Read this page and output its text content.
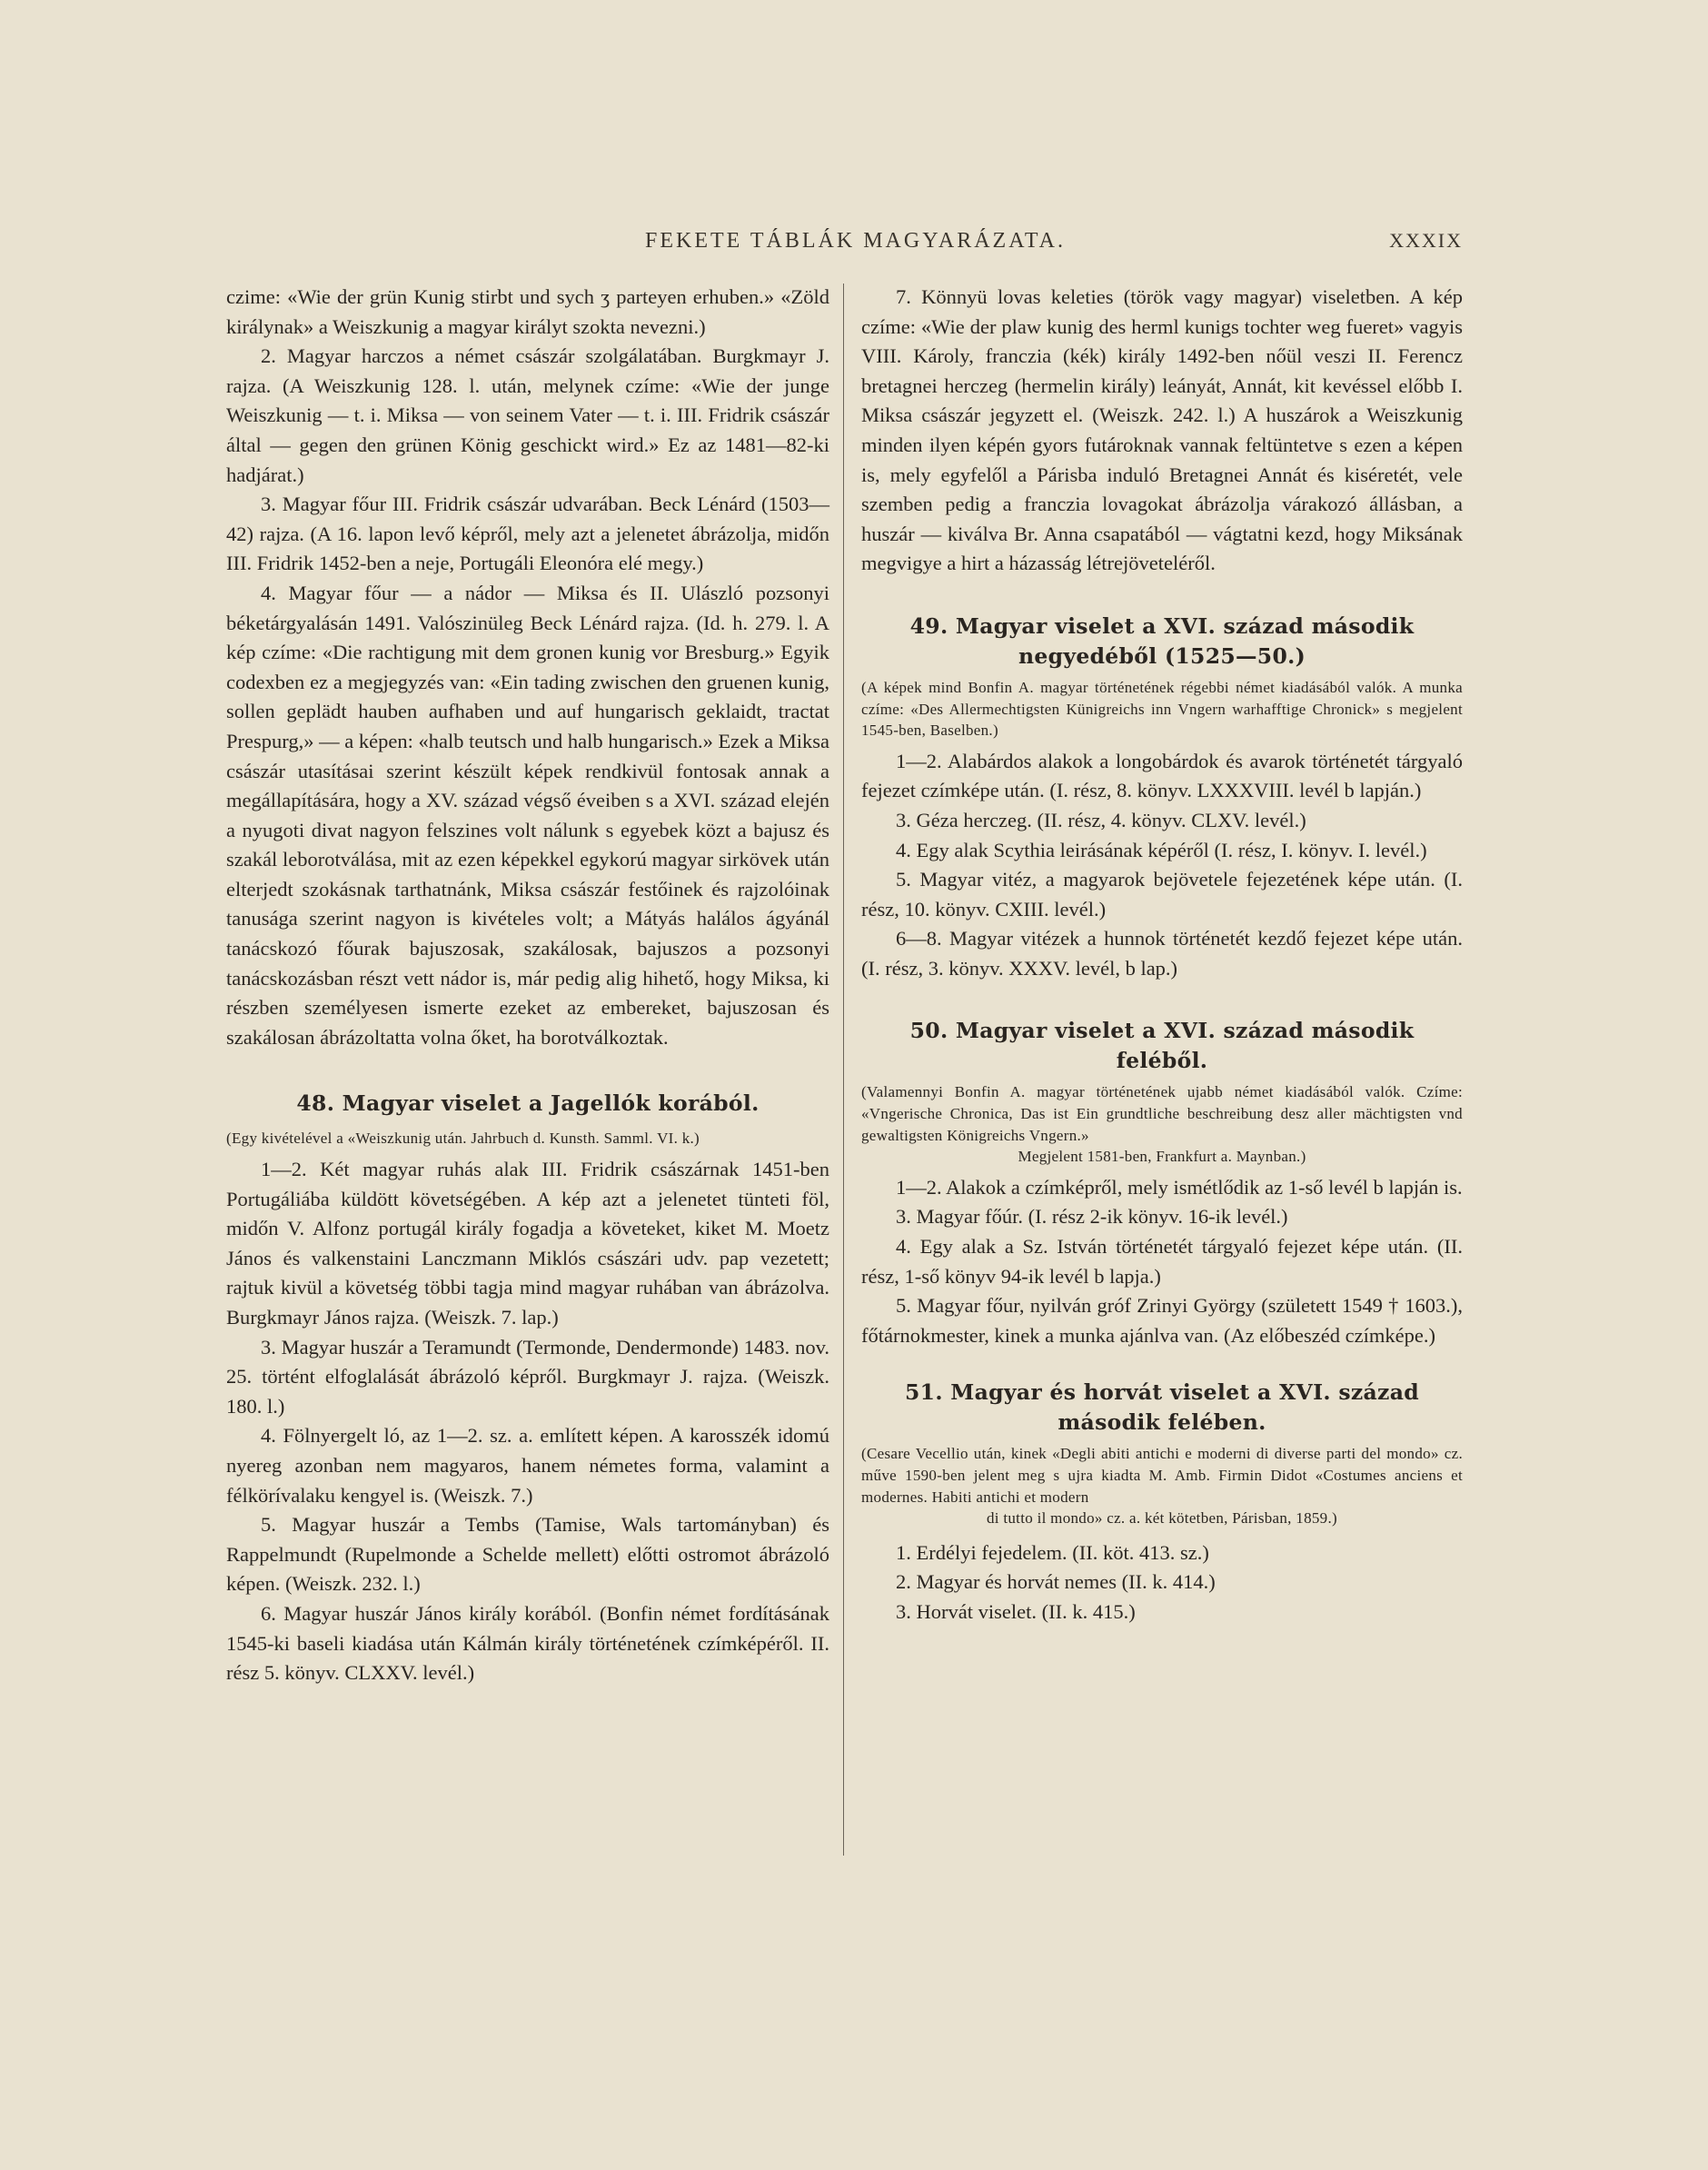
FEKETE TÁBLÁK MAGYARÁZATA.	XXXIX

czime: «Wie der grün Kunig stirbt und sych ʒ parteyen erhuben.» «Zöld királynak» a Weiszkunig a magyar királyt szokta nevezni.)

2. Magyar harczos a német császár szolgálatában. Burgkmayr J. rajza. (A Weiszkunig 128. l. után, melynek czíme: «Wie der junge Weiszkunig — t. i. Miksa — von seinem Vater — t. i. III. Fridrik császár által — gegen den grünen König geschickt wird.» Ez az 1481—82-ki hadjárat.)

3. Magyar főur III. Fridrik császár udvarában. Beck Lénárd (1503—42) rajza. (A 16. lapon levő képről, mely azt a jelenetet ábrázolja, midőn III. Fridrik 1452-ben a neje, Portugáli Eleonóra elé megy.)

4. Magyar főur — a nádor — Miksa és II. Ulászló pozsonyi béketárgyalásán 1491. Valószinüleg Beck Lénárd rajza. (Id. h. 279. l. A kép czíme: «Die rachtigung mit dem gronen kunig vor Bresburg.» Egyik codexben ez a megjegyzés van: «Ein tading zwischen den gruenen kunig, sollen geplädt hauben aufhaben und auf hungarisch geklaidt, tractat Prespurg,» — a képen: «halb teutsch und halb hungarisch.» Ezek a Miksa császár utasításai szerint készült képek rendkivül fontosak annak a megállapítására, hogy a XV. század végső éveiben s a XVI. század elején a nyugoti divat nagyon felszines volt nálunk s egyebek közt a bajusz és szakál leborotválása, mit az ezen képekkel egykorú magyar sirkövek után elterjedt szokásnak tarthatnánk, Miksa császár festőinek és rajzolóinak tanusága szerint nagyon is kivételes volt; a Mátyás halálos ágyánál tanácskozó főurak bajuszosak, szakálosak, bajuszos a pozsonyi tanácskozásban részt vett nádor is, már pedig alig hihető, hogy Miksa, ki részben személyesen ismerte ezeket az embereket, bajuszosan és szakálosan ábrázoltatta volna őket, ha borotválkoztak.

48. Magyar viselet a Jagellók korából.

(Egy kivételével a «Weiszkunig után. Jahrbuch d. Kunsth. Samml. VI. k.)

1—2. Két magyar ruhás alak III. Fridrik császárnak 1451-ben Portugáliába küldött követségében. A kép azt a jelenetet tünteti föl, midőn V. Alfonz portugál király fogadja a követeket, kiket M. Moetz János és valkenstaini Lanczmann Miklós császári udv. pap vezetett; rajtuk kivül a követség többi tagja mind magyar ruhában van ábrázolva. Burgkmayr János rajza. (Weiszk. 7. lap.)

3. Magyar huszár a Teramundt (Termonde, Dendermonde) 1483. nov. 25. történt elfoglalását ábrázoló képről. Burgkmayr J. rajza. (Weiszk. 180. l.)

4. Fölnyergelt ló, az 1—2. sz. a. említett képen. A karosszék idomú nyereg azonban nem magyaros, hanem németes forma, valamint a félkörívalaku kengyel is. (Weiszk. 7.)

5. Magyar huszár a Tembs (Tamise, Wals tartományban) és Rappelmundt (Rupelmonde a Schelde mellett) előtti ostromot ábrázoló képen. (Weiszk. 232. l.)

6. Magyar huszár János király korából. (Bonfin német fordításának 1545-ki baseli kiadása után Kálmán király történetének czímképéről. II. rész 5. könyv. CLXXV. levél.)

7. Könnyü lovas keleties (török vagy magyar) viseletben. A kép czíme: «Wie der plaw kunig des herml kunigs tochter weg fueret» vagyis VIII. Károly, franczia (kék) király 1492-ben nőül veszi II. Ferencz bretagnei herczeg (hermelin király) leányát, Annát, kit kevéssel előbb I. Miksa császár jegyzett el. (Weiszk. 242. l.) A huszárok a Weiszkunig minden ilyen képén gyors futároknak vannak feltüntetve s ezen a képen is, mely egyfelől a Párisba induló Bretagnei Annát és kiséretét, vele szemben pedig a franczia lovagokat ábrázolja várakozó állásban, a huszár — kiválva Br. Anna csapatából — vágtatni kezd, hogy Miksának megvigye a hirt a házasság létrejöveteléről.

49. Magyar viselet a XVI. század második negyedéből (1525—50.)

(A képek mind Bonfin A. magyar történetének régebbi német kiadásából valók. A munka czíme: «Des Allermechtigsten Künigreichs inn Vngern warhafftige Chronick» s megjelent 1545-ben, Baselben.)

1—2. Alabárdos alakok a longobárdok és avarok történetét tárgyaló fejezet czímképe után. (I. rész, 8. könyv. LXXXVIII. levél b lapján.)

3. Géza herczeg. (II. rész, 4. könyv. CLXV. levél.)

4. Egy alak Scythia leirásának képéről (I. rész, I. könyv. I. levél.)

5. Magyar vitéz, a magyarok bejövetele fejezetének képe után. (I. rész, 10. könyv. CXIII. levél.)

6—8. Magyar vitézek a hunnok történetét kezdő fejezet képe után. (I. rész, 3. könyv. XXXV. levél, b lap.)

50. Magyar viselet a XVI. század második feléből.

(Valamennyi Bonfin A. magyar történetének ujabb német kiadásából valók. Czíme: «Vngerische Chronica, Das ist Ein grundtliche beschreibung desz aller mächtigsten vnd gewaltigsten Königreichs Vngern.»

Megjelent 1581-ben, Frankfurt a. Maynban.)

1—2. Alakok a czímképről, mely ismétlődik az 1-ső levél b lapján is.

3. Magyar főúr. (I. rész 2-ik könyv. 16-ik levél.)

4. Egy alak a Sz. István történetét tárgyaló fejezet képe után. (II. rész, 1-ső könyv 94-ik levél b lapja.)

5. Magyar főur, nyilván gróf Zrinyi György (született 1549 † 1603.), főtárnokmester, kinek a munka ajánlva van. (Az előbeszéd czímképe.)

51. Magyar és horvát viselet a XVI. század második felében.

(Cesare Vecellio után, kinek «Degli abiti antichi e moderni di diverse parti del mondo» cz. műve 1590-ben jelent meg s ujra kiadta M. Amb. Firmin Didot «Costumes anciens et modernes. Habiti antichi et modern

di tutto il mondo» cz. a. két kötetben, Párisban, 1859.)

1. Erdélyi fejedelem. (II. köt. 413. sz.)

2. Magyar és horvát nemes (II. k. 414.)

3. Horvát viselet. (II. k. 415.)
